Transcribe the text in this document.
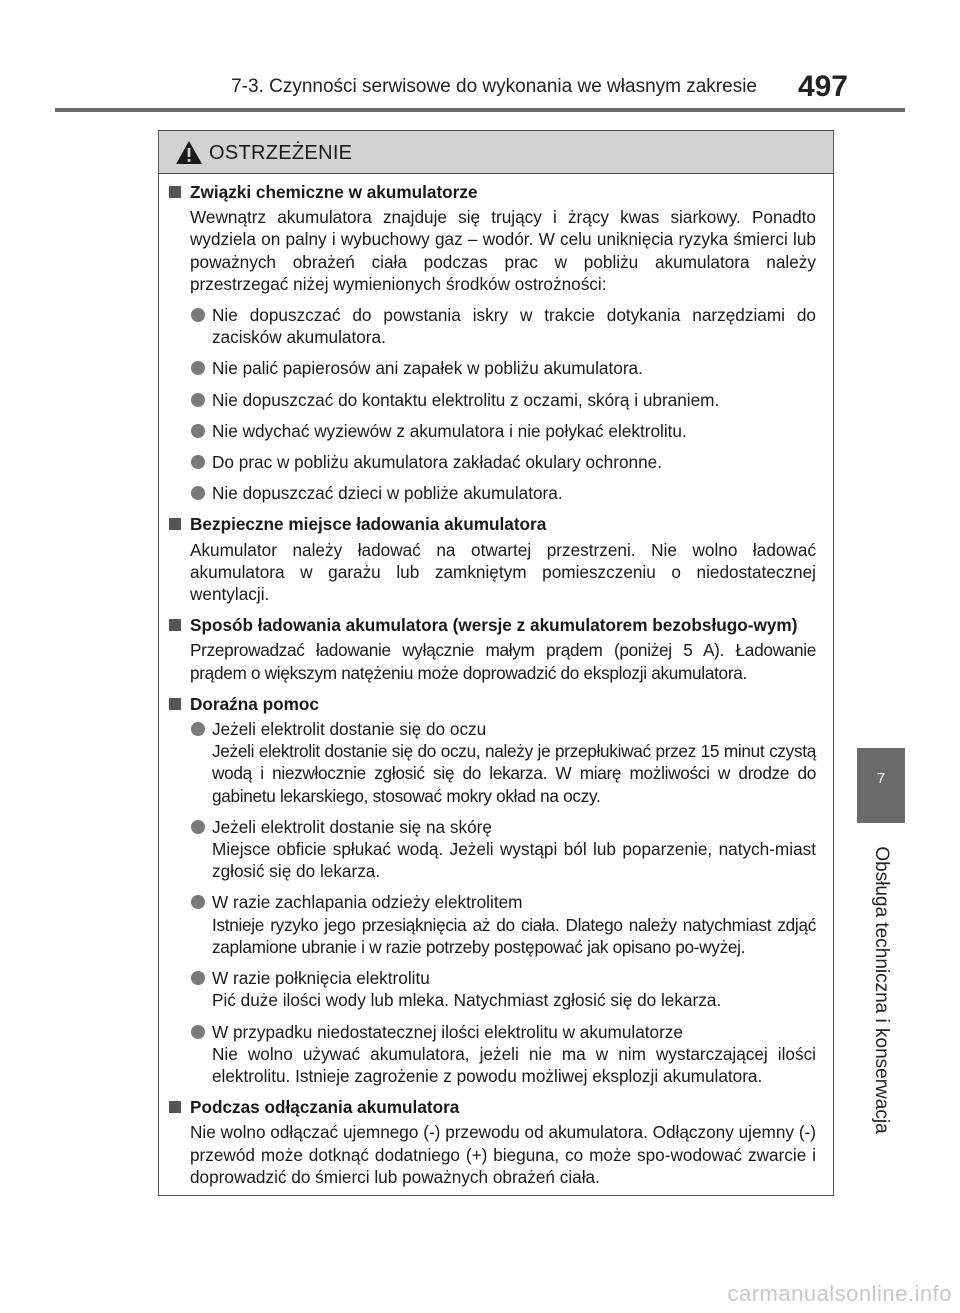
7-3. Czynności serwisowe do wykonania we własnym zakresie 497
7
Obsługa techniczna i konserwacja
OSTRZEŻENIE
Związki chemiczne w akumulatorze
Wewnątrz akumulatora znajduje się trujący i żrący kwas siarkowy. Ponadto wydziela on palny i wybuchowy gaz – wodór. W celu uniknięcia ryzyka śmierci lub poważnych obrażeń ciała podczas prac w pobliżu akumulatora należy przestrzegać niżej wymienionych środków ostrożności:
Nie dopuszczać do powstania iskry w trakcie dotykania narzędziami do zacisków akumulatora.
Nie palić papierosów ani zapałek w pobliżu akumulatora.
Nie dopuszczać do kontaktu elektrolitu z oczami, skórą i ubraniem.
Nie wdychać wyziewów z akumulatora i nie połykać elektrolitu.
Do prac w pobliżu akumulatora zakładać okulary ochronne.
Nie dopuszczać dzieci w pobliże akumulatora.
Bezpieczne miejsce ładowania akumulatora
Akumulator należy ładować na otwartej przestrzeni. Nie wolno ładować akumulatora w garażu lub zamkniętym pomieszczeniu o niedostatecznej wentylacji.
Sposób ładowania akumulatora (wersje z akumulatorem bezobsługo-wym)
Przeprowadzać ładowanie wyłącznie małym prądem (poniżej 5 A). Ładowanie prądem o większym natężeniu może doprowadzić do eksplozji akumulatora.
Doraźna pomoc
Jeżeli elektrolit dostanie się do oczu
Jeżeli elektrolit dostanie się do oczu, należy je przepłukiwać przez 15 minut czystą wodą i niezwłocznie zgłosić się do lekarza. W miarę możliwości w drodze do gabinetu lekarskiego, stosować mokry okład na oczy.
Jeżeli elektrolit dostanie się na skórę
Miejsce obficie spłukać wodą. Jeżeli wystąpi ból lub poparzenie, natych-miast zgłosić się do lekarza.
W razie zachlapania odzieży elektrolitem
Istnieje ryzyko jego przesiąknięcia aż do ciała. Dlatego należy natychmiast zdjąć zaplamione ubranie i w razie potrzeby postępować jak opisano po-wyżej.
W razie połknięcia elektrolitu
Pić duże ilości wody lub mleka. Natychmiast zgłosić się do lekarza.
W przypadku niedostatecznej ilości elektrolitu w akumulatorze
Nie wolno używać akumulatora, jeżeli nie ma w nim wystarczającej ilości elektrolitu. Istnieje zagrożenie z powodu możliwej eksplozji akumulatora.
Podczas odłączania akumulatora
Nie wolno odłączać ujemnego (-) przewodu od akumulatora. Odłączony ujemny (-) przewód może dotknąć dodatniego (+) bieguna, co może spo-wodować zwarcie i doprowadzić do śmierci lub poważnych obrażeń ciała.
carmanualsonline.info
